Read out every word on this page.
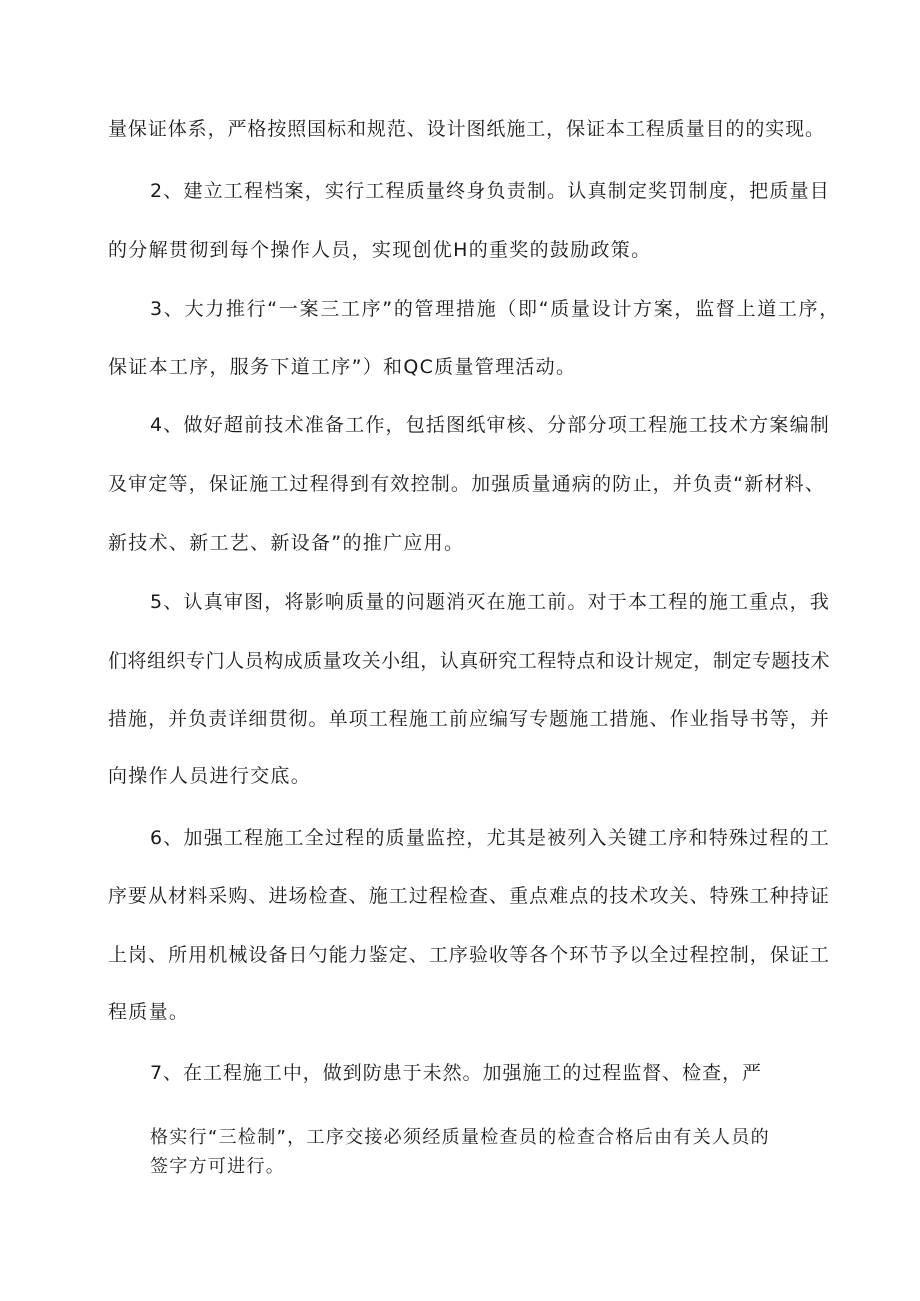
量保证体系，严格按照国标和规范、设计图纸施工，保证本工程质量目的的实现。

2、建立工程档案，实行工程质量终身负责制。认真制定奖罚制度，把质量目

的分解贯彻到每个操作人员，实现创优H的重奖的鼓励政策。

3、大力推行“一案三工序”的管理措施（即“质量设计方案，监督上道工序，

保证本工序，服务下道工序”）和QC质量管理活动。

4、做好超前技术准备工作，包括图纸审核、分部分项工程施工技术方案编制

及审定等，保证施工过程得到有效控制。加强质量通病的防止，并负责“新材料、

新技术、新工艺、新设备”的推广应用。

5、认真审图，将影响质量的问题消灭在施工前。对于本工程的施工重点，我

们将组织专门人员构成质量攻关小组，认真研究工程特点和设计规定，制定专题技术

措施，并负责详细贯彻。单项工程施工前应编写专题施工措施、作业指导书等，并

向操作人员进行交底。

6、加强工程施工全过程的质量监控，尤其是被列入关键工序和特殊过程的工

序要从材料采购、进场检查、施工过程检查、重点难点的技术攻关、特殊工种持证

上岗、所用机械设备日勺能力鉴定、工序验收等各个环节予以全过程控制，保证工

程质量。

7、在工程施工中，做到防患于未然。加强施工的过程监督、检查，严

格实行“三检制”，工序交接必须经质量检查员的检查合格后由有关人员的

签字方可进行。
